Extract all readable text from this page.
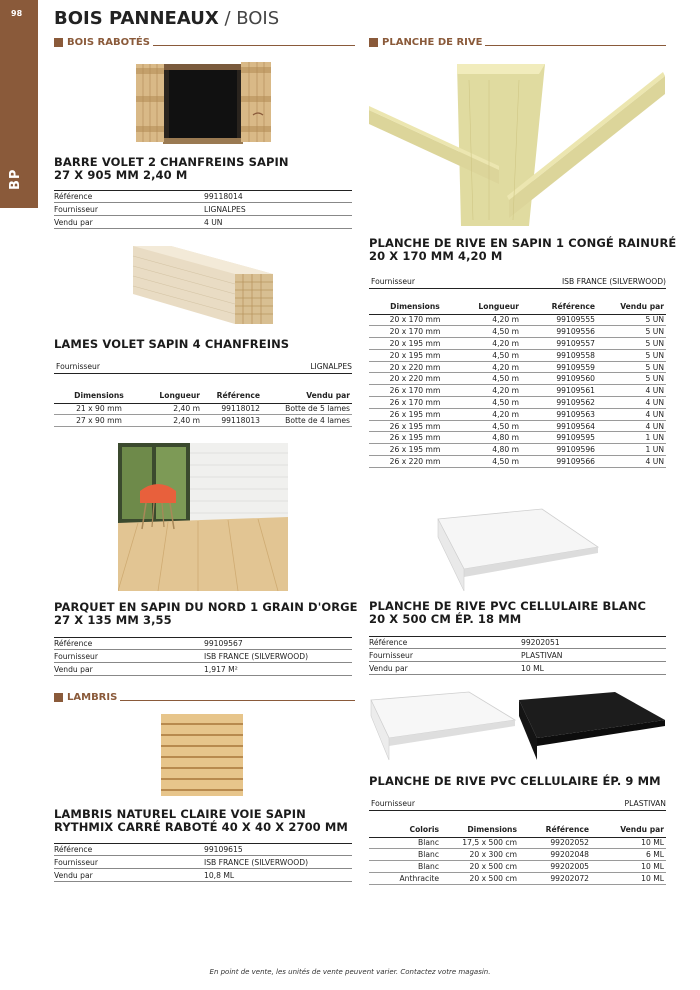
98
BP
BOIS PANNEAUX / BOIS
BOIS RABOTÉS	PLANCHE DE RIVE
LAMBRIS
BARRE VOLET 2 CHANFREINS SAPIN
27 X 905 MM 2,40 M
Référence	99118014
Fournisseur	LIGNALPES
Vendu par	4 UN
LAMES VOLET SAPIN 4 CHANFREINS
Fournisseur	LIGNALPES
Dimensions	Longueur	Référence	Vendu par
21 x 90 mm	2,40 m	99118012	Botte de 5 lames
27 x 90 mm	2,40 m	99118013	Botte de 4 lames
PARQUET EN SAPIN DU NORD 1 GRAIN D'ORGE
27 X 135 MM 3,55
Référence	99109567
Fournisseur	ISB FRANCE (SILVERWOOD)
Vendu par	1,917 M²
LAMBRIS NATUREL CLAIRE VOIE SAPIN
RYTHMIX CARRÉ RABOTÉ 40 X 40 X 2700 MM
Référence	99109615
Fournisseur	ISB FRANCE (SILVERWOOD)
Vendu par	10,8 ML
PLANCHE DE RIVE EN SAPIN 1 CONGÉ RAINURÉ
20 X 170 MM 4,20 M
Fournisseur	ISB FRANCE (SILVERWOOD)
Dimensions	Longueur	Référence	Vendu par
20 x 170 mm	4,20 m	99109555	5 UN
20 x 170 mm	4,50 m	99109556	5 UN
20 x 195 mm	4,20 m	99109557	5 UN
20 x 195 mm	4,50 m	99109558	5 UN
20 x 220 mm	4,20 m	99109559	5 UN
20 x 220 mm	4,50 m	99109560	5 UN
26 x 170 mm	4,20 m	99109561	4 UN
26 x 170 mm	4,50 m	99109562	4 UN
26 x 195 mm	4,20 m	99109563	4 UN
26 x 195 mm	4,50 m	99109564	4 UN
26 x 195 mm	4,80 m	99109595	1 UN
26 x 195 mm	4,80 m	99109596	1 UN
26 x 220 mm	4,50 m	99109566	4 UN
PLANCHE DE RIVE PVC CELLULAIRE BLANC
20 X 500 CM ÉP. 18 MM
Référence	99202051
Fournisseur	PLASTIVAN
Vendu par	10 ML
PLANCHE DE RIVE PVC CELLULAIRE ÉP. 9 MM
Fournisseur	PLASTIVAN
Coloris	Dimensions	Référence	Vendu par
Blanc	17,5 x 500 cm	99202052	10 ML
Blanc	20 x 300 cm	99202048	6 ML
Blanc	20 x 500 cm	99202005	10 ML
Anthracite	20 x 500 cm	99202072	10 ML
En point de vente, les unités de vente peuvent varier. Contactez votre magasin.
